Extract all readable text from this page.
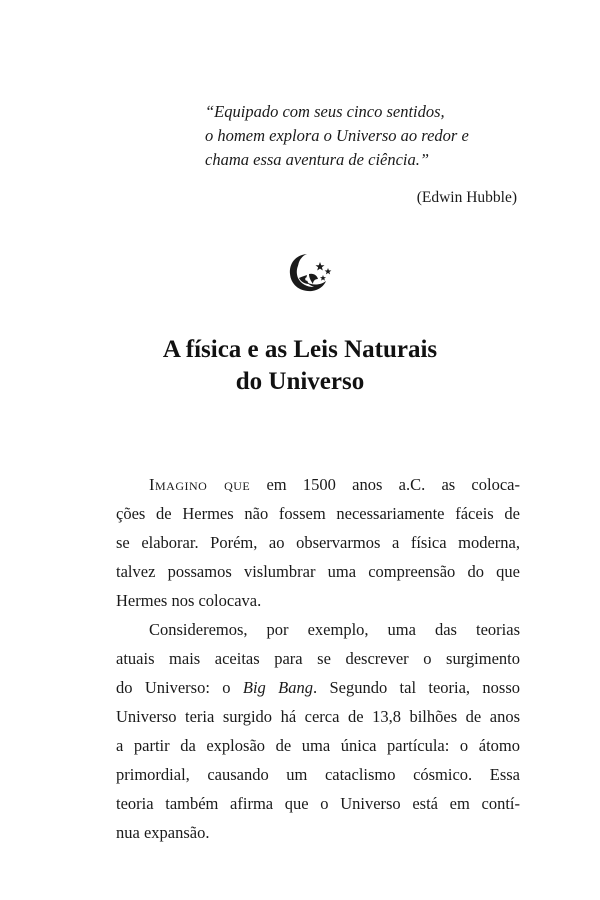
“Equipado com seus cinco sentidos,
o homem explora o Universo ao redor e
chama essa aventura de ciência.”

(Edwin Hubble)
A física e as Leis Naturais
do Universo

Imagino que em 1500 anos a.C. as coloca-
ções de Hermes não fossem necessariamente fáceis de
se elaborar. Porém, ao observarmos a física moderna,
talvez possamos vislumbrar uma compreensão do que
Hermes nos colocava.

Consideremos, por exemplo, uma das teorias
atuais mais aceitas para se descrever o surgimento
do Universo: o Big Bang. Segundo tal teoria, nosso
Universo teria surgido há cerca de 13,8 bilhões de anos
a partir da explosão de uma única partícula: o átomo
primordial, causando um cataclismo cósmico. Essa
teoria também afirma que o Universo está em contí-
nua expansão.
